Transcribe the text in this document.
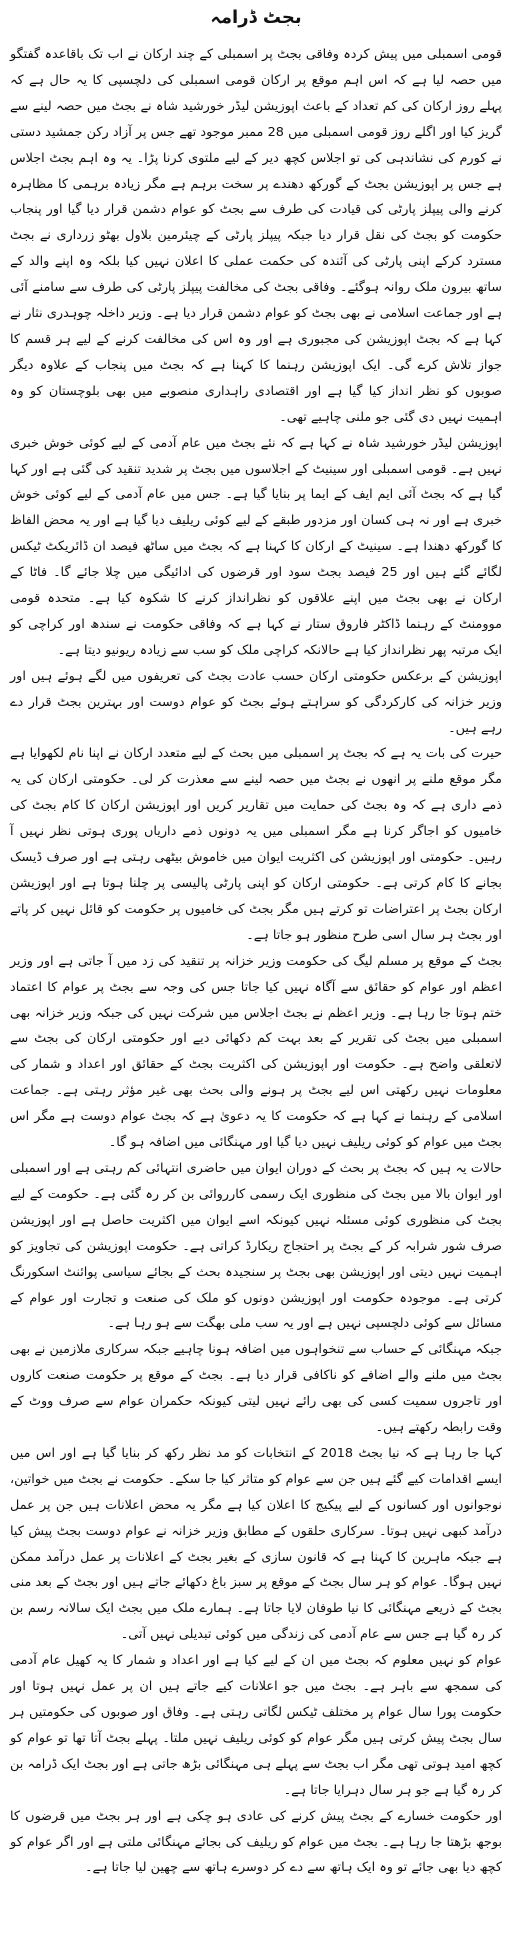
بجٹ ڈرامہ

قومی اسمبلی میں پیش کردہ وفاقی بجٹ پر اسمبلی کے چند ارکان نے اب تک باقاعدہ گفتگو میں حصہ لیا ہے کہ اس اہم موقع پر ارکان قومی اسمبلی کی دلچسپی کا یہ حال ہے کہ پہلے روز ارکان کی کم تعداد کے باعث اپوزیشن لیڈر خورشید شاہ نے بجٹ میں حصہ لینے سے گریز کیا اور اگلے روز قومی اسمبلی میں 28 ممبر موجود تھے جس پر آزاد رکن جمشید دستی نے کورم کی نشاندہی کی تو اجلاس کچھ دیر کے لیے ملتوی کرنا پڑا۔ یہ وہ اہم بجٹ اجلاس ہے جس پر اپوزیشن بجٹ کے گورکھ دھندے پر سخت برہم ہے مگر زیادہ برہمی کا مظاہرہ کرنے والی پیپلز پارٹی کی قیادت کی طرف سے بجٹ کو عوام دشمن قرار دیا گیا اور پنجاب حکومت کو بجٹ کی نقل قرار دیا جبکہ پیپلز پارٹی کے چیئرمین بلاول بھٹو زرداری نے بجٹ مسترد کرکے اپنی پارٹی کی آئندہ کی حکمت عملی کا اعلان نہیں کیا بلکہ وہ اپنے والد کے ساتھ بیرون ملک روانہ ہوگئے۔ وفاقی بجٹ کی مخالفت پیپلز پارٹی کی طرف سے سامنے آئی ہے اور جماعت اسلامی نے بھی بجٹ کو عوام دشمن قرار دیا ہے۔ وزیر داخلہ چوہدری نثار نے کہا ہے کہ بجٹ اپوزیشن کی مجبوری ہے اور وہ اس کی مخالفت کرنے کے لیے ہر قسم کا جواز تلاش کرے گی۔ ایک اپوزیشن رہنما کا کہنا ہے کہ بجٹ میں پنجاب کے علاوہ دیگر صوبوں کو نظر انداز کیا گیا ہے اور اقتصادی راہداری منصوبے میں بھی بلوچستان کو وہ اہمیت نہیں دی گئی جو ملنی چاہیے تھی۔

اپوزیشن لیڈر خورشید شاہ نے کہا ہے کہ نئے بجٹ میں عام آدمی کے لیے کوئی خوش خبری نہیں ہے۔ قومی اسمبلی اور سینیٹ کے اجلاسوں میں بجٹ پر شدید تنقید کی گئی ہے اور کہا گیا ہے کہ بجٹ آئی ایم ایف کے ایما پر بنایا گیا ہے۔ جس میں عام آدمی کے لیے کوئی خوش خبری ہے اور نہ ہی کسان اور مزدور طبقے کے لیے کوئی ریلیف دیا گیا ہے اور یہ محض الفاظ کا گورکھ دھندا ہے۔ سینیٹ کے ارکان کا کہنا ہے کہ بجٹ میں ساٹھ فیصد ان ڈائریکٹ ٹیکس لگائے گئے ہیں اور 25 فیصد بجٹ سود اور قرضوں کی ادائیگی میں چلا جائے گا۔ فاٹا کے ارکان نے بھی بجٹ میں اپنے علاقوں کو نظرانداز کرنے کا شکوہ کیا ہے۔ متحدہ قومی موومنٹ کے رہنما ڈاکٹر فاروق ستار نے کہا ہے کہ وفاقی حکومت نے سندھ اور کراچی کو ایک مرتبہ پھر نظرانداز کیا ہے حالانکہ کراچی ملک کو سب سے زیادہ ریونیو دیتا ہے۔

اپوزیشن کے برعکس حکومتی ارکان حسب عادت بجٹ کی تعریفوں میں لگے ہوئے ہیں اور وزیر خزانہ کی کارکردگی کو سراہتے ہوئے بجٹ کو عوام دوست اور بہترین بجٹ قرار دے رہے ہیں۔

حیرت کی بات یہ ہے کہ بجٹ پر اسمبلی میں بحث کے لیے متعدد ارکان نے اپنا نام لکھوایا ہے مگر موقع ملنے پر انھوں نے بجٹ میں حصہ لینے سے معذرت کر لی۔ حکومتی ارکان کی یہ ذمے داری ہے کہ وہ بجٹ کی حمایت میں تقاریر کریں اور اپوزیشن ارکان کا کام بجٹ کی خامیوں کو اجاگر کرنا ہے مگر اسمبلی میں یہ دونوں ذمے داریاں پوری ہوتی نظر نہیں آ رہیں۔ حکومتی اور اپوزیشن کی اکثریت ایوان میں خاموش بیٹھی رہتی ہے اور صرف ڈیسک بجانے کا کام کرتی ہے۔ حکومتی ارکان کو اپنی پارٹی پالیسی پر چلنا ہوتا ہے اور اپوزیشن ارکان بجٹ پر اعتراضات تو کرتے ہیں مگر بجٹ کی خامیوں پر حکومت کو قائل نہیں کر پاتے اور بجٹ ہر سال اسی طرح منظور ہو جاتا ہے۔

بجٹ کے موقع پر مسلم لیگ کی حکومت وزیر خزانہ پر تنقید کی زد میں آ جاتی ہے اور وزیر اعظم اور عوام کو حقائق سے آگاہ نہیں کیا جاتا جس کی وجہ سے بجٹ پر عوام کا اعتماد ختم ہوتا جا رہا ہے۔ وزیر اعظم نے بجٹ اجلاس میں شرکت نہیں کی جبکہ وزیر خزانہ بھی اسمبلی میں بجٹ کی تقریر کے بعد بہت کم دکھائی دیے اور حکومتی ارکان کی بجٹ سے لاتعلقی واضح ہے۔ حکومت اور اپوزیشن کی اکثریت بجٹ کے حقائق اور اعداد و شمار کی معلومات نہیں رکھتی اس لیے بجٹ پر ہونے والی بحث بھی غیر مؤثر رہتی ہے۔ جماعت اسلامی کے رہنما نے کہا ہے کہ حکومت کا یہ دعویٰ ہے کہ بجٹ عوام دوست ہے مگر اس بجٹ میں عوام کو کوئی ریلیف نہیں دیا گیا اور مہنگائی میں اضافہ ہو گا۔

حالات یہ ہیں کہ بجٹ پر بحث کے دوران ایوان میں حاضری انتہائی کم رہتی ہے اور اسمبلی اور ایوان بالا میں بجٹ کی منظوری ایک رسمی کارروائی بن کر رہ گئی ہے۔ حکومت کے لیے بجٹ کی منظوری کوئی مسئلہ نہیں کیونکہ اسے ایوان میں اکثریت حاصل ہے اور اپوزیشن صرف شور شرابہ کر کے بجٹ پر احتجاج ریکارڈ کراتی ہے۔ حکومت اپوزیشن کی تجاویز کو اہمیت نہیں دیتی اور اپوزیشن بھی بجٹ پر سنجیدہ بحث کے بجائے سیاسی پوائنٹ اسکورنگ کرتی ہے۔ موجودہ حکومت اور اپوزیشن دونوں کو ملک کی صنعت و تجارت اور عوام کے مسائل سے کوئی دلچسپی نہیں ہے اور یہ سب ملی بھگت سے ہو رہا ہے۔

جبکہ مہنگائی کے حساب سے تنخواہوں میں اضافہ ہونا چاہیے جبکہ سرکاری ملازمین نے بھی بجٹ میں ملنے والے اضافے کو ناکافی قرار دیا ہے۔ بجٹ کے موقع پر حکومت صنعت کاروں اور تاجروں سمیت کسی کی بھی رائے نہیں لیتی کیونکہ حکمران عوام سے صرف ووٹ کے وقت رابطہ رکھتے ہیں۔

کہا جا رہا ہے کہ نیا بجٹ 2018 کے انتخابات کو مد نظر رکھ کر بنایا گیا ہے اور اس میں ایسے اقدامات کیے گئے ہیں جن سے عوام کو متاثر کیا جا سکے۔ حکومت نے بجٹ میں خواتین، نوجوانوں اور کسانوں کے لیے پیکیج کا اعلان کیا ہے مگر یہ محض اعلانات ہیں جن پر عمل درآمد کبھی نہیں ہوتا۔ سرکاری حلقوں کے مطابق وزیر خزانہ نے عوام دوست بجٹ پیش کیا ہے جبکہ ماہرین کا کہنا ہے کہ قانون سازی کے بغیر بجٹ کے اعلانات پر عمل درآمد ممکن نہیں ہوگا۔ عوام کو ہر سال بجٹ کے موقع پر سبز باغ دکھائے جاتے ہیں اور بجٹ کے بعد منی بجٹ کے ذریعے مہنگائی کا نیا طوفان لایا جاتا ہے۔ ہمارے ملک میں بجٹ ایک سالانہ رسم بن کر رہ گیا ہے جس سے عام آدمی کی زندگی میں کوئی تبدیلی نہیں آتی۔

عوام کو نہیں معلوم کہ بجٹ میں ان کے لیے کیا ہے اور اعداد و شمار کا یہ کھیل عام آدمی کی سمجھ سے باہر ہے۔ بجٹ میں جو اعلانات کیے جاتے ہیں ان پر عمل نہیں ہوتا اور حکومت پورا سال عوام پر مختلف ٹیکس لگاتی رہتی ہے۔ وفاق اور صوبوں کی حکومتیں ہر سال بجٹ پیش کرتی ہیں مگر عوام کو کوئی ریلیف نہیں ملتا۔ پہلے بجٹ آتا تھا تو عوام کو کچھ امید ہوتی تھی مگر اب بجٹ سے پہلے ہی مہنگائی بڑھ جاتی ہے اور بجٹ ایک ڈرامہ بن کر رہ گیا ہے جو ہر سال دہرایا جاتا ہے۔

اور حکومت خسارے کے بجٹ پیش کرنے کی عادی ہو چکی ہے اور ہر بجٹ میں قرضوں کا بوجھ بڑھتا جا رہا ہے۔ بجٹ میں عوام کو ریلیف کی بجائے مہنگائی ملتی ہے اور اگر عوام کو کچھ دیا بھی جائے تو وہ ایک ہاتھ سے دے کر دوسرے ہاتھ سے چھین لیا جاتا ہے۔
